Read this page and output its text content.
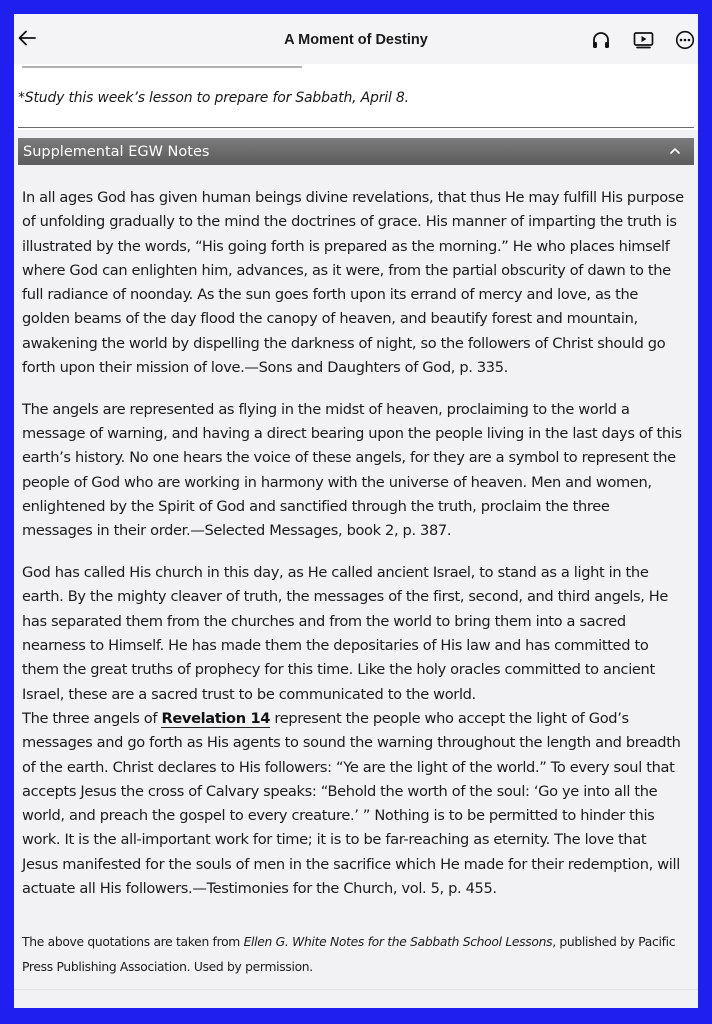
A Moment of Destiny
*Study this week’s lesson to prepare for Sabbath, April 8.
Supplemental EGW Notes

In all ages God has given human beings divine revelations, that thus He may fulfill His purpose of unfolding gradually to the mind the doctrines of grace. His manner of imparting the truth is illustrated by the words, “His going forth is prepared as the morning.” He who places himself where God can enlighten him, advances, as it were, from the partial obscurity of dawn to the full radiance of noonday. As the sun goes forth upon its errand of mercy and love, as the golden beams of the day flood the canopy of heaven, and beautify forest and mountain, awakening the world by dispelling the darkness of night, so the followers of Christ should go forth upon their mission of love.—Sons and Daughters of God, p. 335.

The angels are represented as flying in the midst of heaven, proclaiming to the world a message of warning, and having a direct bearing upon the people living in the last days of this earth’s history. No one hears the voice of these angels, for they are a symbol to represent the people of God who are working in harmony with the universe of heaven. Men and women, enlightened by the Spirit of God and sanctified through the truth, proclaim the three messages in their order.—Selected Messages, book 2, p. 387.

God has called His church in this day, as He called ancient Israel, to stand as a light in the earth. By the mighty cleaver of truth, the messages of the first, second, and third angels, He has separated them from the churches and from the world to bring them into a sacred nearness to Himself. He has made them the depositaries of His law and has committed to them the great truths of prophecy for this time. Like the holy oracles committed to ancient Israel, these are a sacred trust to be communicated to the world.

The three angels of Revelation 14 represent the people who accept the light of God’s messages and go forth as His agents to sound the warning throughout the length and breadth of the earth. Christ declares to His followers: “Ye are the light of the world.” To every soul that accepts Jesus the cross of Calvary speaks: “Behold the worth of the soul: ‘Go ye into all the world, and preach the gospel to every creature.’ ” Nothing is to be permitted to hinder this work. It is the all-important work for time; it is to be far-reaching as eternity. The love that Jesus manifested for the souls of men in the sacrifice which He made for their redemption, will actuate all His followers.—Testimonies for the Church, vol. 5, p. 455.

The above quotations are taken from Ellen G. White Notes for the Sabbath School Lessons, published by Pacific Press Publishing Association. Used by permission.
